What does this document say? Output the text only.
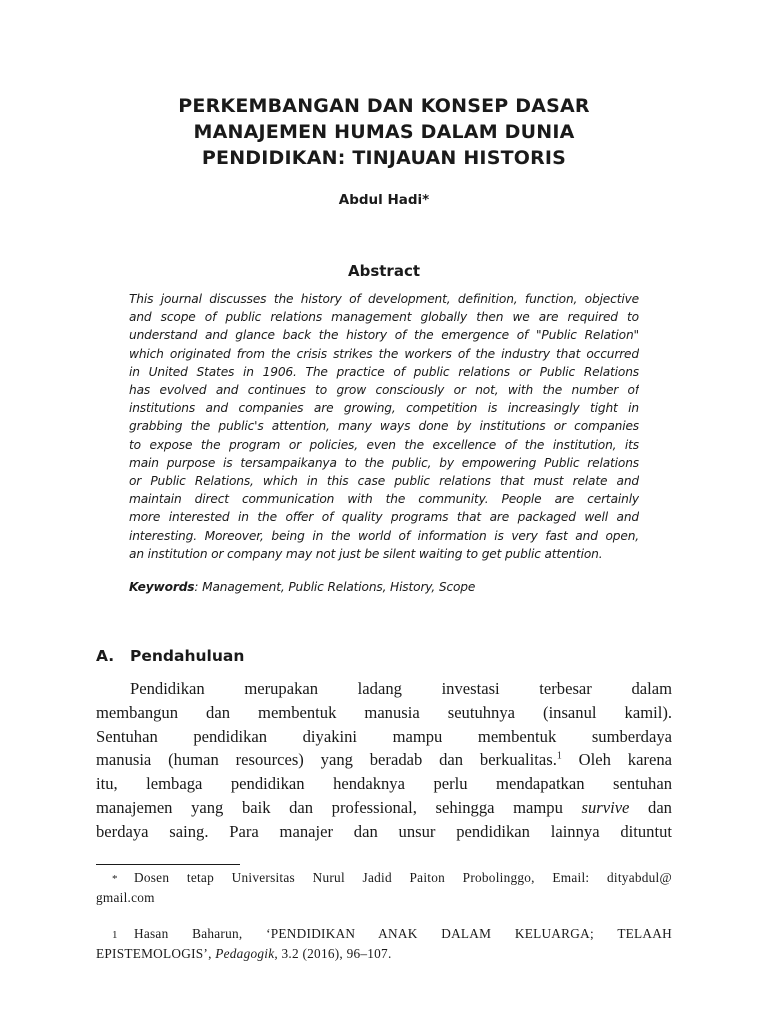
PERKEMBANGAN DAN KONSEP DASAR
MANAJEMEN HUMAS DALAM DUNIA
PENDIDIKAN: TINJAUAN HISTORIS
Abdul Hadi*
Abstract
This journal discusses the history of development, definition, function, objective
and scope of public relations management globally then we are required to
understand and glance back the history of the emergence of "Public Relation"
which originated from the crisis strikes the workers of the industry that occurred
in United States in 1906. The practice of public relations or Public Relations
has evolved and continues to grow consciously or not, with the number of
institutions and companies are growing, competition is increasingly tight in
grabbing the public's attention, many ways done by institutions or companies
to expose the program or policies, even the excellence of the institution, its
main purpose is tersampaikanya to the public, by empowering Public relations
or Public Relations, which in this case public relations that must relate and
maintain direct communication with the community. People are certainly
more interested in the offer of quality programs that are packaged well and
interesting. Moreover, being in the world of information is very fast and open,
an institution or company may not just be silent waiting to get public attention.
Keywords: Management, Public Relations, History, Scope
A. Pendahuluan
Pendidikan merupakan ladang investasi terbesar dalam
membangun dan membentuk manusia seutuhnya (insanul kamil).
Sentuhan pendidikan diyakini mampu membentuk sumberdaya
manusia (human resources) yang beradab dan berkualitas.$^1$ Oleh karena
itu, lembaga pendidikan hendaknya perlu mendapatkan sentuhan
manajemen yang baik dan professional, sehingga mampu survive dan
berdaya saing. Para manajer dan unsur pendidikan lainnya dituntut
* Dosen tetap Universitas Nurul Jadid Paiton Probolinggo, Email: dityabdul@
gmail.com
1 Hasan Baharun, ‘PENDIDIKAN ANAK DALAM KELUARGA; TELAAH
EPISTEMOLOGIS’, Pedagogik, 3.2 (2016), 96–107.
